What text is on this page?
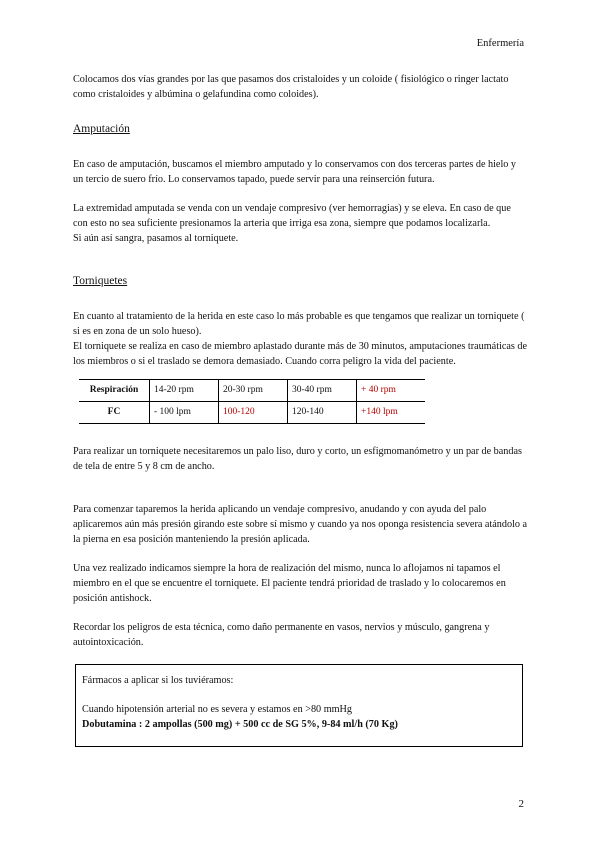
Enfermería

Colocamos dos vías grandes por las que pasamos dos cristaloides y un coloide ( fisiológico o ringer lactato como cristaloides y albúmina o gelafundina como coloides).

Amputación

En caso de amputación, buscamos el miembro amputado y lo conservamos con dos terceras partes de hielo y un tercio de suero frío. Lo conservamos tapado, puede servir para una reinserción futura.

La extremidad amputada se venda con un vendaje compresivo (ver hemorragias) y se eleva. En caso de que con esto no sea suficiente presionamos la arteria que irriga esa zona, siempre que podamos localizarla.

Si aún así sangra, pasamos al torniquete.

Torniquetes

En cuanto al tratamiento de la herida en este caso lo más probable es que tengamos que realizar un torniquete ( si es en zona de un solo hueso).

El torniquete se realiza en caso de miembro aplastado durante más de 30 minutos, amputaciones traumáticas de los miembros o si el traslado se demora demasiado. Cuando corra peligro la vida del paciente.

Respiración	14-20 rpm	20-30 rpm	30-40 rpm	+ 40 rpm
FC	- 100 lpm	100-120	120-140	+140 lpm

Para realizar un torniquete necesitaremos un palo liso, duro y corto, un esfigmomanómetro y un par de bandas de tela de entre 5 y 8 cm de ancho.

Para comenzar taparemos la herida aplicando un vendaje compresivo, anudando y con ayuda del palo aplicaremos aún más presión girando este sobre sí mismo y cuando ya nos oponga resistencia severa atándolo a la pierna en esa posición manteniendo la presión aplicada.

Una vez realizado indicamos siempre la hora de realización del mismo, nunca lo aflojamos ni tapamos el miembro en el que se encuentre el torniquete. El paciente tendrá prioridad de traslado y lo colocaremos en posición antishock.

Recordar los peligros de esta técnica, como daño permanente en vasos, nervios y músculo, gangrena y autointoxicación.

Fármacos a aplicar si los tuviéramos:

Cuando hipotensión arterial no es severa y estamos en >80 mmHg

Dobutamina : 2 ampollas (500 mg) + 500 cc de SG 5%, 9-84 ml/h (70 Kg)

2
